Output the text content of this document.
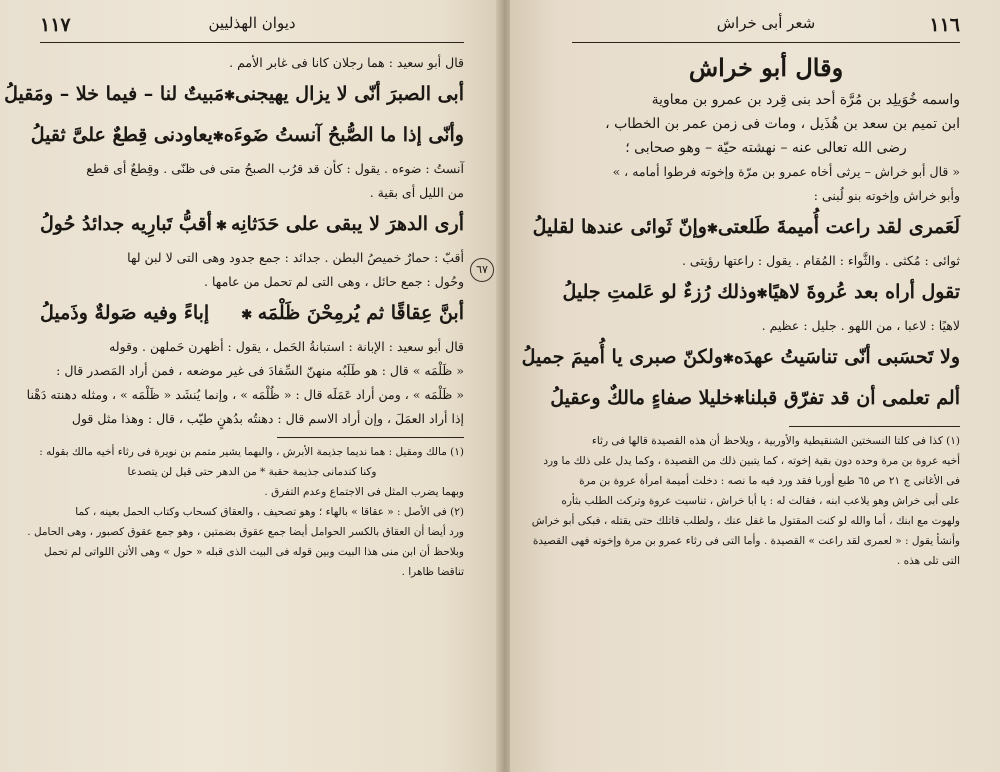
١١٧	ديوان الهذليين
قال أبو سعيد : هما رجلان كانا فى غابر الأمم .
أبى الصبرَ أنّى لا يزال يهيجنى
✱
مَبيتٌ لنا – فيما خلا – ومَقيلُ
وأنّى إذا ما الصُّبحُ آنستُ ضَوءَه
✱
يعاودنى قِطعٌ علىَّ ثقيلُ
آنستُ : ضوءه . يقول : كأن قد قرُب الصبحُ متى فى ظنّى . وقِطعٌ أى قطع
من الليل أى بقية .
أرى الدهرَ لا يبقى على حَدَثانِه
✱
أقبُّ تَبارِيه جدائدُ حُولُ
أقبّ : حمارٌ خميصُ البطن . جدائد : جمع جدود وهى التى لا لبن لها
وحُول : جمع حائل ، وهى التى لم تحمل من عامها .
أبنَّ عِقاقًا ثم يُرمِحْنَ ظَلْمَه
✱
إباءً وفيه صَولةٌ وذَميلُ
قال أبو سعيد : الإبانة : استبانةُ الحَمل ، يقول : أظهرن حَملهن . وقوله
« ظَلْمَه » قال : هو طَلَبُه منهنّ السِّفادَ فى غير موضعه ، فمن أراد المَصدر قال :
« ظَلْمَه » ، ومن أراد عَمَلَه قال : « ظُلْمَه » ، وإنما يُنشَد « ظَلْمَه » ، ومثله دهنته دَهْنا
إذا أراد العمَلَ ، وإن أراد الاسم قال : دهنتُه بدُهنٍ طيّب ، قال : وهذا مثل قول
(١) مالك ومقيل : هما نديما جذيمة الأبرش ، والبهما يشير متمم بن نويرة فى رثاء أخيه مالك بقوله :
وكنا كندمانى جذيمة حقبة * من الدهر حتى قيل لن يتصدعا
وبهما يضرب المثل فى الاجتماع وعدم التفرق .
(٢) فى الأصل : « عقاقا » بالهاء ؛ وهو تصحيف ، والعقاق كسحاب وكتاب الحمل بعينه ، كما
ورد أيضا أن العقاق بالكسر الحوامل أيضا جمع عقوق بضمتين ، وهو جمع عقوق كصبور ، وهى الحامل .
وبلاحظ أن ابن منى هذا البيت وبين قوله فى البيت الذى قبله « حول » وهى الأتن اللواتى لم تحمل
تناقضا ظاهرا .
٦٧
١١٦
شعر أبى خراش
وقال أبو خراش
واسمه خُوَيلِد بن مُرَّة أحد بنى قِرد بن عمرو بن معاوية
ابن تميم بن سعد بن هُذَيل ، ومات فى زمن عمر بن الخطاب ،
رضى الله تعالى عنه – نهشته حيّة – وهو صحابى ؛
« قال أبو خراش – يرثى أخاه عمرو بن مرّة وإخوته فرطوا أمامه ، »
وأبو خراش وإخوته بنو لُبنى :
لَعَمرى لقد راعت أُميمةَ طَلعتى
✱
وإنّ ثَوائى عندها لقليلُ
ثوائى : مُكثى . والثَّواء : المُقام . يقول : راعتها رؤيتى .
تقول أراه بعد عُروةَ لاهيًا
✱
وذلك رُزءٌ لو عَلمتِ جليلُ
لاهيًا : لاعبا ، من اللهو . جليل : عظيم .
ولا تَحسَبى أنّى تناسَيتُ عهدَه
✱
ولكنّ صبرى يا أُميمَ جميلُ
ألم تعلمى أن قد تفرّق قبلنا
✱
خليلا صفاءٍ مالكٌ وعقيلُ
(١) كذا فى كلتا النسختين الشنقيطية والأوربية ، ويلاحظ أن هذه القصيدة قالها فى رثاء
أخيه عروة بن مرة وحده دون بقية إخوته ، كما يتبين ذلك من القصيدة ، وكما يدل على ذلك ما ورد
فى الأغانى ج ٢١ ص ٦٥ طبع أوربا فقد ورد فيه ما نصه : دخلت أميمة امرأة عروة بن مرة
على أبى خراش وهو يلاعب ابنه ، فقالت له : يا أبا خراش ، تناسيت عروة وتركت الطلب بثأره
ولهوت مع ابنك ، أما والله لو كنت المقتول ما غفل عنك ، ولطلب قاتلك حتى يقتله ، فبكى أبو خراش
وأنشأ يقول : « لعمرى لقد راعت » القصيدة . وأما التى فى رثاء عمرو بن مرة وإخوته فهى القصيدة
التى تلى هذه .
